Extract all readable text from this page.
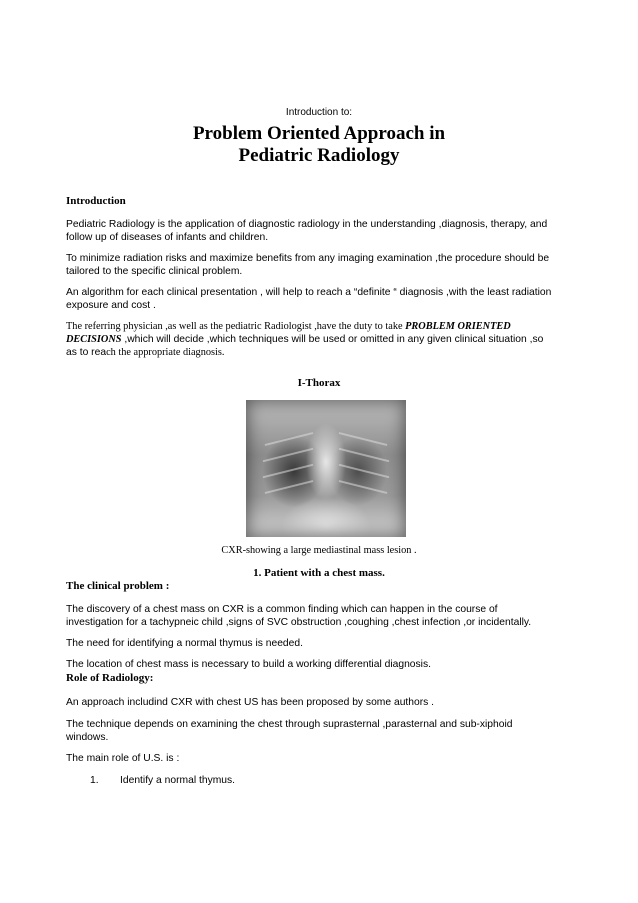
Introduction to:
Problem Oriented Approach in
Pediatric Radiology
Introduction
Pediatric Radiology is the application of diagnostic radiology in the understanding ,diagnosis, therapy, and follow up of diseases of infants and children.
To minimize radiation risks and maximize benefits from any imaging examination ,the procedure should be tailored to the specific clinical problem.
An algorithm for each clinical presentation , will help to reach a “definite “ diagnosis ,with the least radiation exposure and cost .
The referring physician ,as well as the pediatric Radiologist ,have the duty to take PROBLEM ORIENTED DECISIONS ,which will decide ,which techniques will be used or omitted in any given clinical situation ,so as to reach the appropriate diagnosis.
I-Thorax
CXR-showing a large mediastinal mass lesion .
1. Patient with a chest mass.
The clinical problem :
The discovery of a chest mass on CXR is a common finding which can happen in the course of investigation for a tachypneic child ,signs of SVC obstruction ,coughing ,chest infection ,or incidentally.
The need for identifying a normal thymus is needed.
The location of chest mass is necessary to build a working differential diagnosis.
Role of Radiology:
An approach includind CXR with chest US has been proposed by some authors .
The technique depends on examining the chest through suprasternal ,parasternal and sub-xiphoid windows.
The main role of U.S. is :
1. Identify a normal thymus.
